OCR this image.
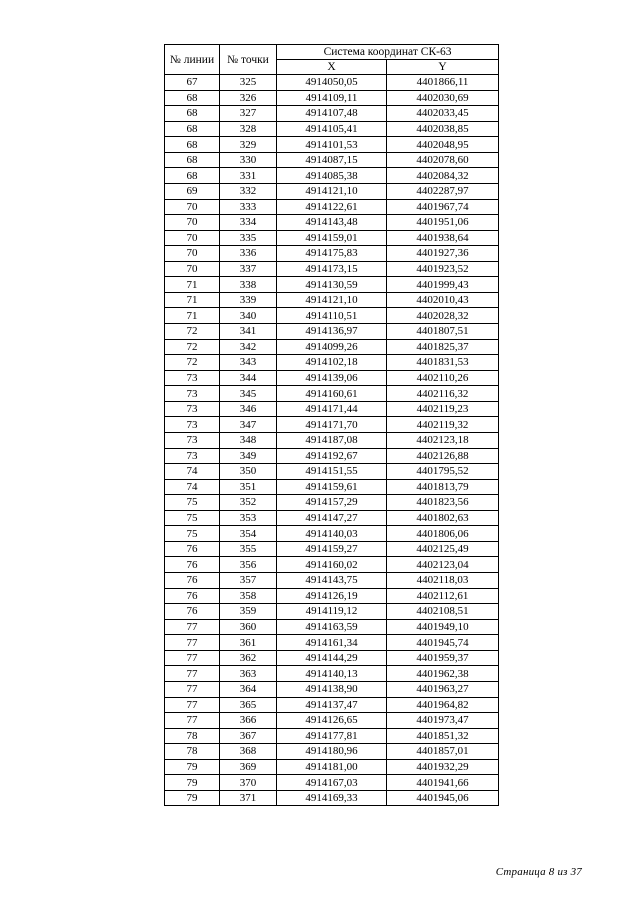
№ линии	№ точки	Система координат СК-63	
		X	Y
67	325	4914050,05	4401866,11
68	326	4914109,11	4402030,69
68	327	4914107,48	4402033,45
68	328	4914105,41	4402038,85
68	329	4914101,53	4402048,95
68	330	4914087,15	4402078,60
68	331	4914085,38	4402084,32
69	332	4914121,10	4402287,97
70	333	4914122,61	4401967,74
70	334	4914143,48	4401951,06
70	335	4914159,01	4401938,64
70	336	4914175,83	4401927,36
70	337	4914173,15	4401923,52
71	338	4914130,59	4401999,43
71	339	4914121,10	4402010,43
71	340	4914110,51	4402028,32
72	341	4914136,97	4401807,51
72	342	4914099,26	4401825,37
72	343	4914102,18	4401831,53
73	344	4914139,06	4402110,26
73	345	4914160,61	4402116,32
73	346	4914171,44	4402119,23
73	347	4914171,70	4402119,32
73	348	4914187,08	4402123,18
73	349	4914192,67	4402126,88
74	350	4914151,55	4401795,52
74	351	4914159,61	4401813,79
75	352	4914157,29	4401823,56
75	353	4914147,27	4401802,63
75	354	4914140,03	4401806,06
76	355	4914159,27	4402125,49
76	356	4914160,02	4402123,04
76	357	4914143,75	4402118,03
76	358	4914126,19	4402112,61
76	359	4914119,12	4402108,51
77	360	4914163,59	4401949,10
77	361	4914161,34	4401945,74
77	362	4914144,29	4401959,37
77	363	4914140,13	4401962,38
77	364	4914138,90	4401963,27
77	365	4914137,47	4401964,82
77	366	4914126,65	4401973,47
78	367	4914177,81	4401851,32
78	368	4914180,96	4401857,01
79	369	4914181,00	4401932,29
79	370	4914167,03	4401941,66
79	371	4914169,33	4401945,06
Страница 8 из 37
